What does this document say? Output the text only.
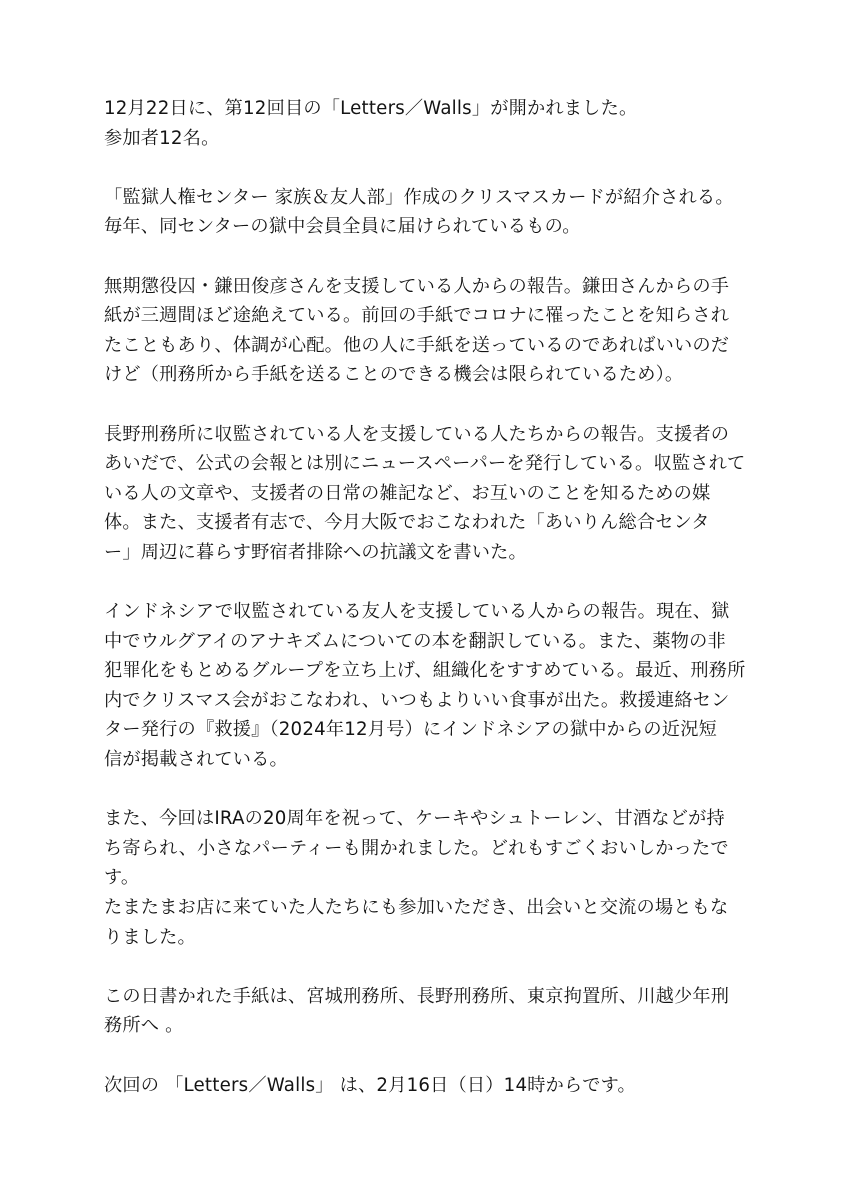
12月22日に、第12回目の「Letters／Walls」が開かれました。
参加者12名。

「監獄人権センター 家族＆友人部」作成のクリスマスカードが紹介される。
毎年、同センターの獄中会員全員に届けられているもの。

無期懲役囚・鎌田俊彦さんを支援している人からの報告。鎌田さんからの手
紙が三週間ほど途絶えている。前回の手紙でコロナに罹ったことを知らされ
たこともあり、体調が心配。他の人に手紙を送っているのであればいいのだ
けど（刑務所から手紙を送ることのできる機会は限られているため）。

長野刑務所に収監されている人を支援している人たちからの報告。支援者の
あいだで、公式の会報とは別にニュースペーパーを発行している。収監されて
いる人の文章や、支援者の日常の雑記など、お互いのことを知るための媒
体。また、支援者有志で、今月大阪でおこなわれた「あいりん総合センタ
ー」周辺に暮らす野宿者排除への抗議文を書いた。

インドネシアで収監されている友人を支援している人からの報告。現在、獄
中でウルグアイのアナキズムについての本を翻訳している。また、薬物の非
犯罪化をもとめるグループを立ち上げ、組織化をすすめている。最近、刑務所
内でクリスマス会がおこなわれ、いつもよりいい食事が出た。救援連絡セン
ター発行の『救援』（2024年12月号）にインドネシアの獄中からの近況短
信が掲載されている。

また、今回はIRAの20周年を祝って、ケーキやシュトーレン、甘酒などが持
ち寄られ、小さなパーティーも開かれました。どれもすごくおいしかったで
す。
たまたまお店に来ていた人たちにも参加いただき、出会いと交流の場ともな
りました。

この日書かれた手紙は、宮城刑務所、長野刑務所、東京拘置所、川越少年刑
務所へ 。

次回の 「Letters／Walls」 は、2月16日（日）14時からです。
